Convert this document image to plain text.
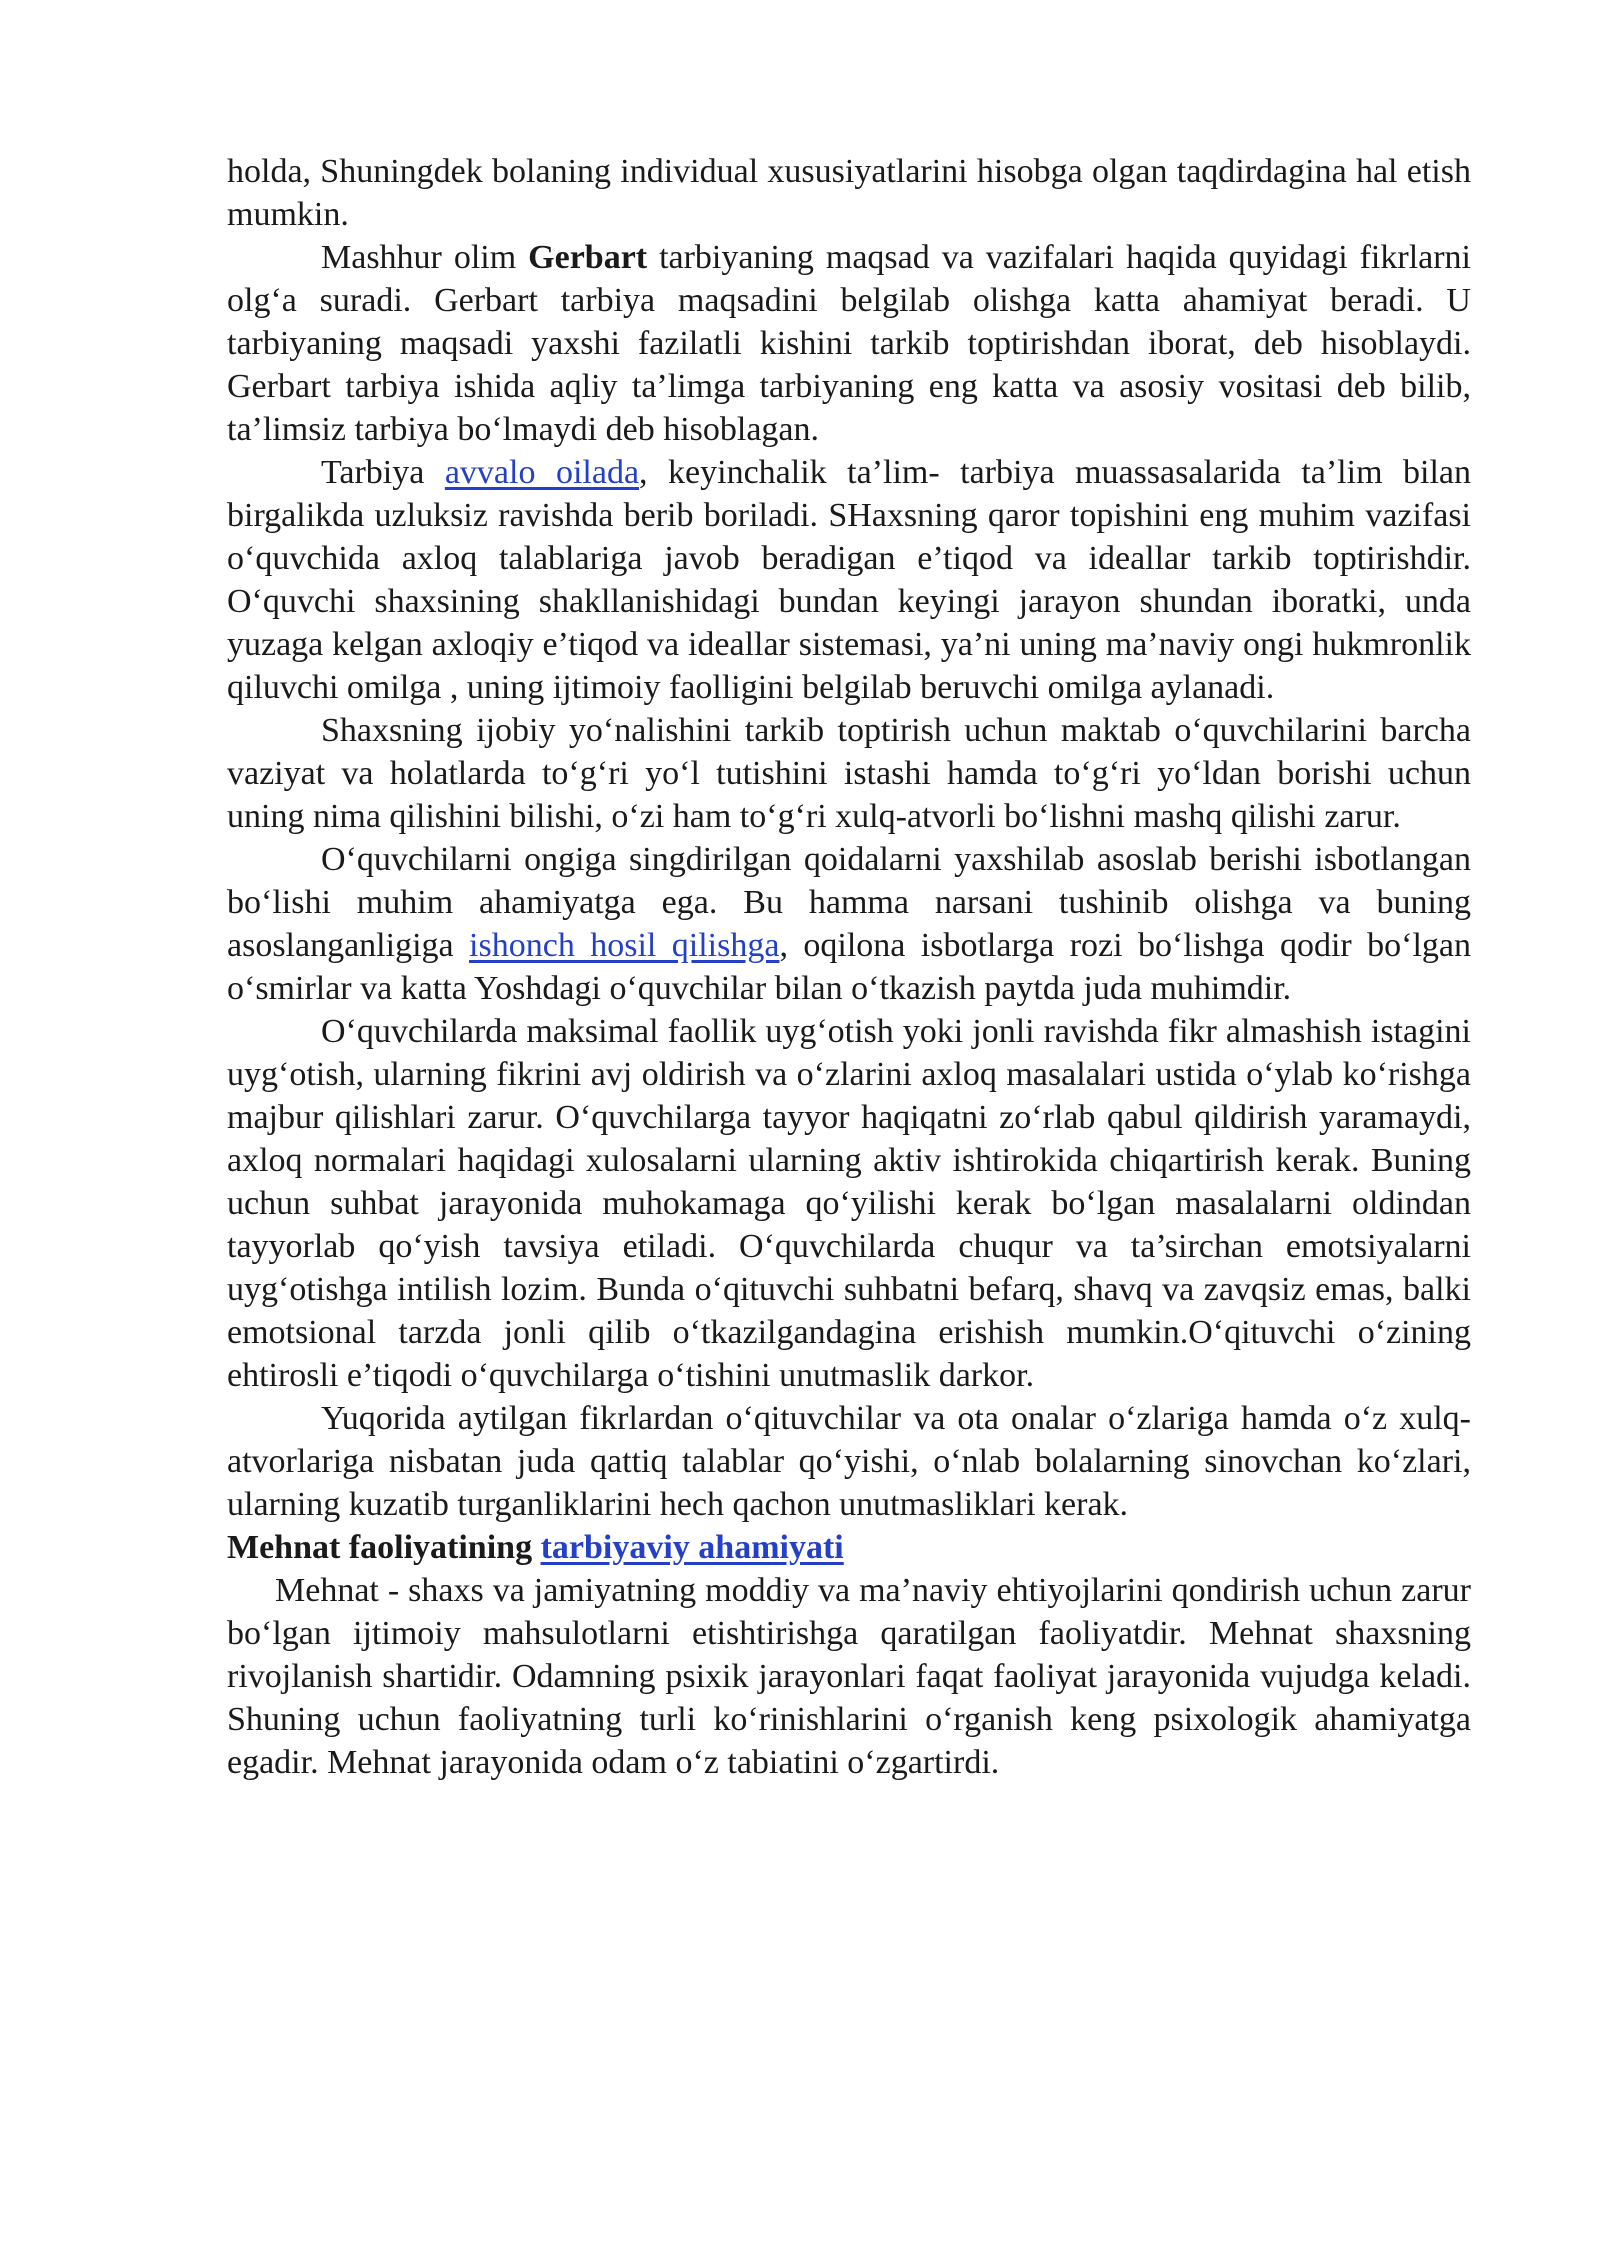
holda, Shuningdek bolaning individual xususiyatlarini hisobga olgan taqdirdagina hal etish mumkin.

Mashhur olim Gerbart tarbiyaning maqsad va vazifalari haqida quyidagi fikrlarni olg‘a suradi. Gerbart tarbiya maqsadini belgilab olishga katta ahamiyat beradi. U tarbiyaning maqsadi yaxshi fazilatli kishini tarkib toptirishdan iborat, deb hisoblaydi. Gerbart tarbiya ishida aqliy ta’limga tarbiyaning eng katta va asosiy vositasi deb bilib, ta’limsiz tarbiya bo‘lmaydi deb hisoblagan.

Tarbiya avvalo oilada, keyinchalik ta’lim- tarbiya muassasalarida ta’lim bilan birgalikda uzluksiz ravishda berib boriladi. SHaxsning qaror topishini eng muhim vazifasi o‘quvchida axloq talablariga javob beradigan e’tiqod va ideallar tarkib toptirishdir. O‘quvchi shaxsining shakllanishidagi bundan keyingi jarayon shundan iboratki, unda yuzaga kelgan axloqiy e’tiqod va ideallar sistemasi, ya’ni uning ma’naviy ongi hukmronlik qiluvchi omilga , uning ijtimoiy faolligini belgilab beruvchi omilga aylanadi.

Shaxsning ijobiy yo‘nalishini tarkib toptirish uchun maktab o‘quvchilarini barcha vaziyat va holatlarda to‘g‘ri yo‘l tutishini istashi hamda to‘g‘ri yo‘ldan borishi uchun uning nima qilishini bilishi, o‘zi ham to‘g‘ri xulq-atvorli bo‘lishni mashq qilishi zarur.

O‘quvchilarni ongiga singdirilgan qoidalarni yaxshilab asoslab berishi isbotlangan bo‘lishi muhim ahamiyatga ega. Bu hamma narsani tushinib olishga va buning asoslanganligiga ishonch hosil qilishga, oqilona isbotlarga rozi bo‘lishga qodir bo‘lgan o‘smirlar va katta Yoshdagi o‘quvchilar bilan o‘tkazish paytda juda muhimdir.

O‘quvchilarda maksimal faollik uyg‘otish yoki jonli ravishda fikr almashish istagini uyg‘otish, ularning fikrini avj oldirish va o‘zlarini axloq masalalari ustida o‘ylab ko‘rishga majbur qilishlari zarur. O‘quvchilarga tayyor haqiqatni zo‘rlab qabul qildirish yaramaydi, axloq normalari haqidagi xulosalarni ularning aktiv ishtirokida chiqartirish kerak. Buning uchun suhbat jarayonida muhokamaga qo‘yilishi kerak bo‘lgan masalalarni oldindan tayyorlab qo‘yish tavsiya etiladi. O‘quvchilarda chuqur va ta’sirchan emotsiyalarni uyg‘otishga intilish lozim. Bunda o‘qituvchi suhbatni befarq, shavq va zavqsiz emas, balki emotsional tarzda jonli qilib o‘tkazilgandagina erishish mumkin.O‘qituvchi o‘zining ehtirosli e’tiqodi o‘quvchilarga o‘tishini unutmaslik darkor.

Yuqorida aytilgan fikrlardan o‘qituvchilar va ota onalar o‘zlariga hamda o‘z xulq-atvorlariga nisbatan juda qattiq talablar qo‘yishi, o‘nlab bolalarning sinovchan ko‘zlari, ularning kuzatib turganliklarini hech qachon unutmasliklari kerak.

Mehnat faoliyatining tarbiyaviy ahamiyati

Mehnat - shaxs va jamiyatning moddiy va ma’naviy ehtiyojlarini qondirish uchun zarur bo‘lgan ijtimoiy mahsulotlarni etishtirishga qaratilgan faoliyatdir. Mehnat shaxsning rivojlanish shartidir. Odamning psixik jarayonlari faqat faoliyat jarayonida vujudga keladi. Shuning uchun faoliyatning turli ko‘rinishlarini o‘rganish keng psixologik ahamiyatga egadir. Mehnat jarayonida odam o‘z tabiatini o‘zgartirdi.
